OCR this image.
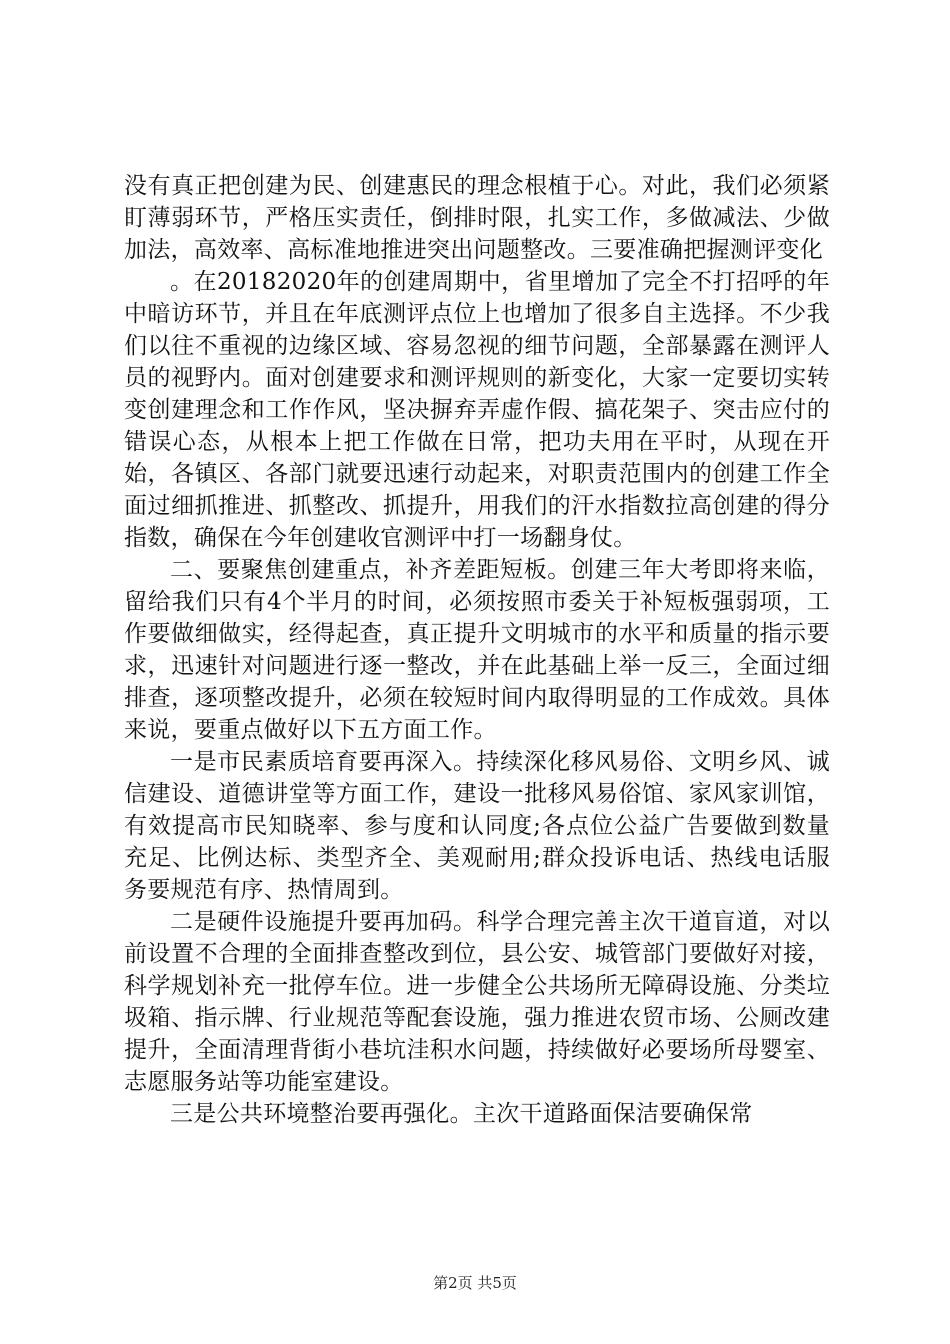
没有真正把创建为民、创建惠民的理念根植于心。对此，我们必须紧盯薄弱环节，严格压实责任，倒排时限，扎实工作，多做减法、少做加法，高效率、高标准地推进突出问题整改。三要准确把握测评变化

。在20182020年的创建周期中，省里增加了完全不打招呼的年中暗访环节，并且在年底测评点位上也增加了很多自主选择。不少我们以往不重视的边缘区域、容易忽视的细节问题，全部暴露在测评人员的视野内。面对创建要求和测评规则的新变化，大家一定要切实转变创建理念和工作作风，坚决摒弃弄虚作假、搞花架子、突击应付的错误心态，从根本上把工作做在日常，把功夫用在平时，从现在开始，各镇区、各部门就要迅速行动起来，对职责范围内的创建工作全面过细抓推进、抓整改、抓提升，用我们的汗水指数拉高创建的得分指数，确保在今年创建收官测评中打一场翻身仗。

二、要聚焦创建重点，补齐差距短板。创建三年大考即将来临，留给我们只有4个半月的时间，必须按照市委关于补短板强弱项，工作要做细做实，经得起查，真正提升文明城市的水平和质量的指示要求，迅速针对问题进行逐一整改，并在此基础上举一反三，全面过细排查，逐项整改提升，必须在较短时间内取得明显的工作成效。具体来说，要重点做好以下五方面工作。

一是市民素质培育要再深入。持续深化移风易俗、文明乡风、诚信建设、道德讲堂等方面工作，建设一批移风易俗馆、家风家训馆，有效提高市民知晓率、参与度和认同度;各点位公益广告要做到数量充足、比例达标、类型齐全、美观耐用;群众投诉电话、热线电话服务要规范有序、热情周到。

二是硬件设施提升要再加码。科学合理完善主次干道盲道，对以前设置不合理的全面排查整改到位，县公安、城管部门要做好对接，科学规划补充一批停车位。进一步健全公共场所无障碍设施、分类垃圾箱、指示牌、行业规范等配套设施，强力推进农贸市场、公厕改建提升，全面清理背街小巷坑洼积水问题，持续做好必要场所母婴室、志愿服务站等功能室建设。

三是公共环境整治要再强化。主次干道路面保洁要确保常

第2页 共5页
